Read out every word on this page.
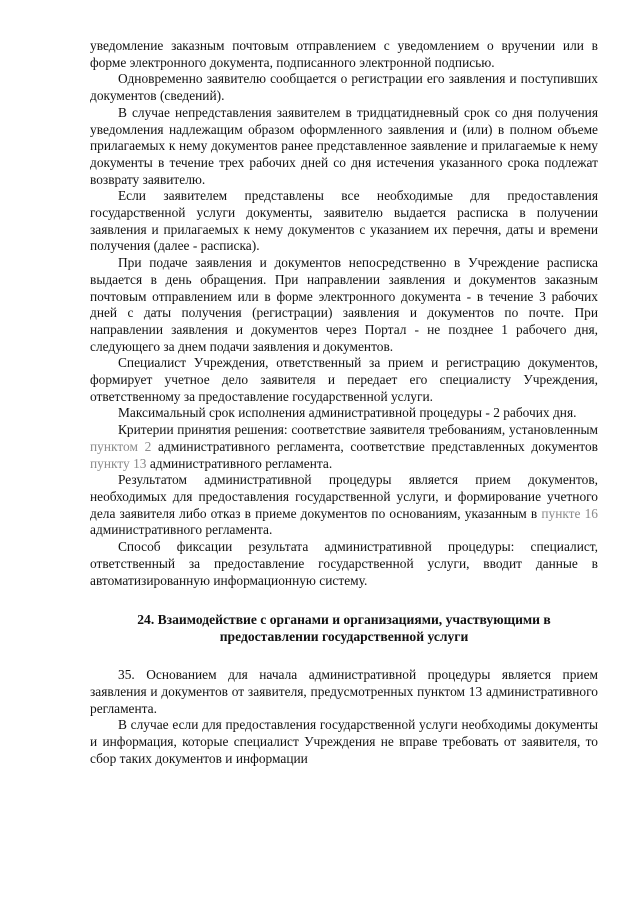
уведомление заказным почтовым отправлением с уведомлением о вручении или в форме электронного документа, подписанного электронной подписью.

Одновременно заявителю сообщается о регистрации его заявления и поступивших документов (сведений).

В случае непредставления заявителем в тридцатидневный срок со дня получения уведомления надлежащим образом оформленного заявления и (или) в полном объеме прилагаемых к нему документов ранее представленное заявление и прилагаемые к нему документы в течение трех рабочих дней со дня истечения указанного срока подлежат возврату заявителю.

Если заявителем представлены все необходимые для предоставления государственной услуги документы, заявителю выдается расписка в получении заявления и прилагаемых к нему документов с указанием их перечня, даты и времени получения (далее - расписка).

При подаче заявления и документов непосредственно в Учреждение расписка выдается в день обращения. При направлении заявления и документов заказным почтовым отправлением или в форме электронного документа - в течение 3 рабочих дней с даты получения (регистрации) заявления и документов по почте. При направлении заявления и документов через Портал - не позднее 1 рабочего дня, следующего за днем подачи заявления и документов.

Специалист Учреждения, ответственный за прием и регистрацию документов, формирует учетное дело заявителя и передает его специалисту Учреждения, ответственному за предоставление государственной услуги.

Максимальный срок исполнения административной процедуры - 2 рабочих дня.

Критерии принятия решения: соответствие заявителя требованиям, установленным пунктом 2 административного регламента, соответствие представленных документов пункту 13 административного регламента.

Результатом административной процедуры является прием документов, необходимых для предоставления государственной услуги, и формирование учетного дела заявителя либо отказ в приеме документов по основаниям, указанным в пункте 16 административного регламента.

Способ фиксации результата административной процедуры: специалист, ответственный за предоставление государственной услуги, вводит данные в автоматизированную информационную систему.

24. Взаимодействие с органами и организациями, участвующими в
предоставлении государственной услуги

35. Основанием для начала административной процедуры является прием заявления и документов от заявителя, предусмотренных пунктом 13 административного регламента.

В случае если для предоставления государственной услуги необходимы документы и информация, которые специалист Учреждения не вправе требовать от заявителя, то сбор таких документов и информации
